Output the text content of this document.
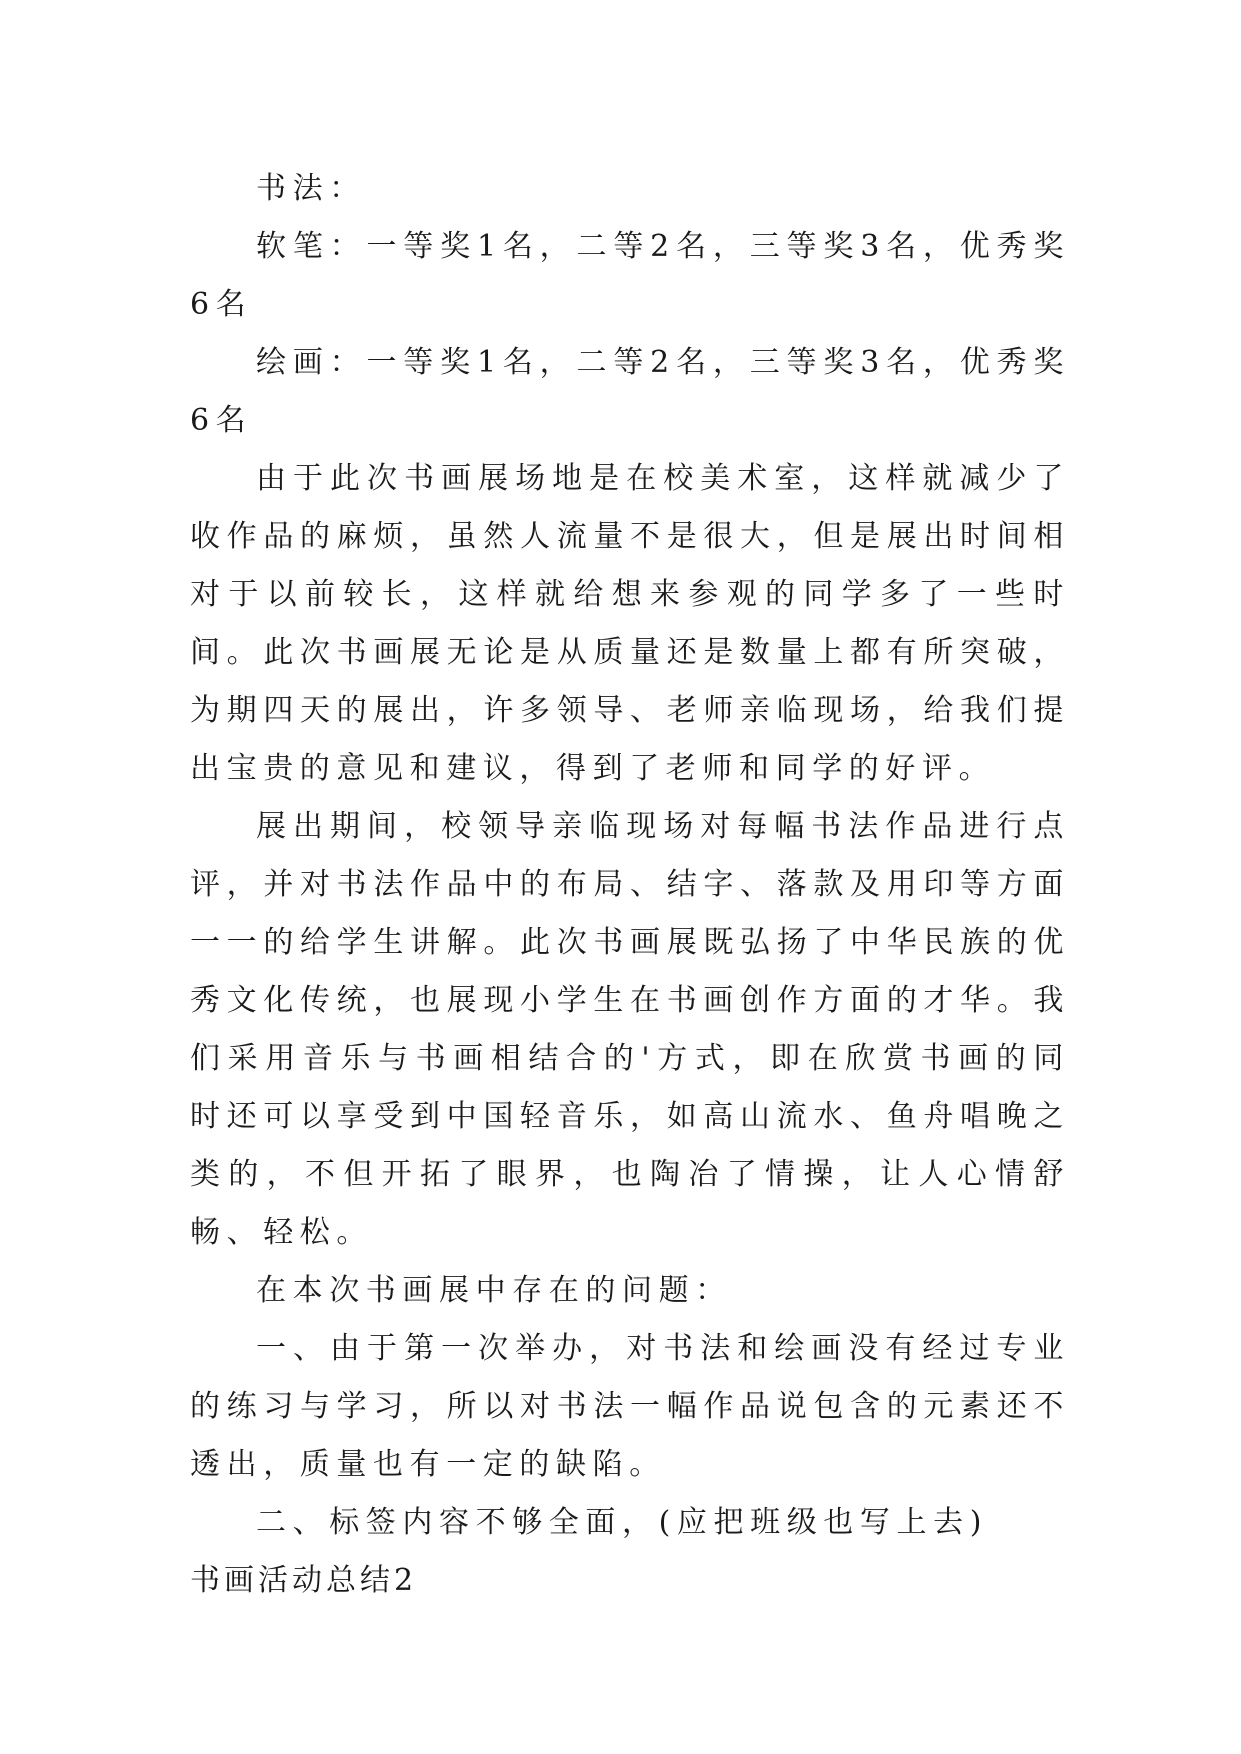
书法：

软笔：一等奖1名，二等2名，三等奖3名，优秀奖6名

绘画：一等奖1名，二等2名，三等奖3名，优秀奖6名

由于此次书画展场地是在校美术室，这样就减少了收作品的麻烦，虽然人流量不是很大，但是展出时间相对于以前较长，这样就给想来参观的同学多了一些时间。此次书画展无论是从质量还是数量上都有所突破，为期四天的展出，许多领导、老师亲临现场，给我们提出宝贵的意见和建议，得到了老师和同学的好评。

展出期间，校领导亲临现场对每幅书法作品进行点评，并对书法作品中的布局、结字、落款及用印等方面一一的给学生讲解。此次书画展既弘扬了中华民族的优秀文化传统，也展现小学生在书画创作方面的才华。我们采用音乐与书画相结合的'方式，即在欣赏书画的同时还可以享受到中国轻音乐，如高山流水、鱼舟唱晚之类的，不但开拓了眼界，也陶冶了情操，让人心情舒畅、轻松。

在本次书画展中存在的问题：

一、由于第一次举办，对书法和绘画没有经过专业的练习与学习，所以对书法一幅作品说包含的元素还不透出，质量也有一定的缺陷。

二、标签内容不够全面，(应把班级也写上去)

书画活动总结2
